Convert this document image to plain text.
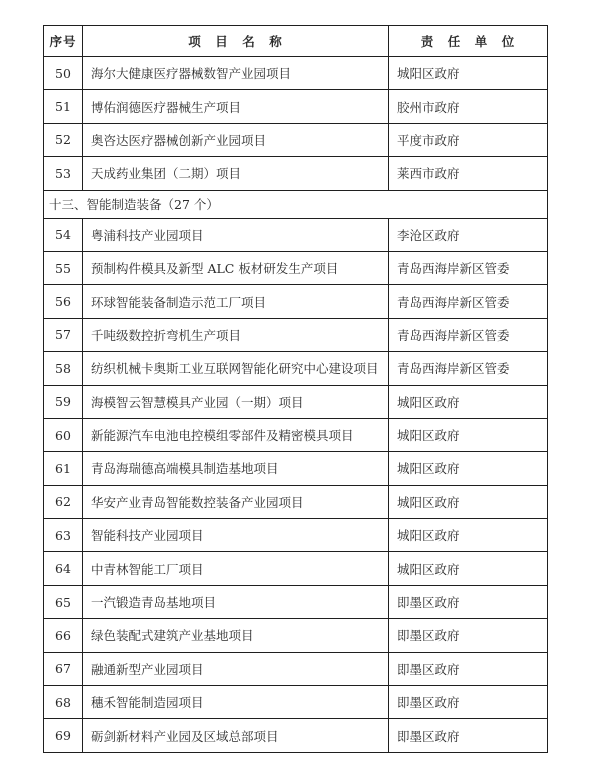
序号	项　目　名　称	责　任　单　位
50	海尔大健康医疗器械数智产业园项目	城阳区政府
51	博佑润德医疗器械生产项目	胶州市政府
52	奥咨达医疗器械创新产业园项目	平度市政府
53	天成药业集团（二期）项目	莱西市政府
十三、智能制造装备（27 个）		
54	粤浦科技产业园项目	李沧区政府
55	预制构件模具及新型 ALC 板材研发生产项目	青岛西海岸新区管委
56	环球智能装备制造示范工厂项目	青岛西海岸新区管委
57	千吨级数控折弯机生产项目	青岛西海岸新区管委
58	纺织机械卡奥斯工业互联网智能化研究中心建设项目	青岛西海岸新区管委
59	海模智云智慧模具产业园（一期）项目	城阳区政府
60	新能源汽车电池电控模组零部件及精密模具项目	城阳区政府
61	青岛海瑞德高端模具制造基地项目	城阳区政府
62	华安产业青岛智能数控装备产业园项目	城阳区政府
63	智能科技产业园项目	城阳区政府
64	中青林智能工厂项目	城阳区政府
65	一汽锻造青岛基地项目	即墨区政府
66	绿色装配式建筑产业基地项目	即墨区政府
67	融通新型产业园项目	即墨区政府
68	穗禾智能制造园项目	即墨区政府
69	砺剑新材料产业园及区域总部项目	即墨区政府
